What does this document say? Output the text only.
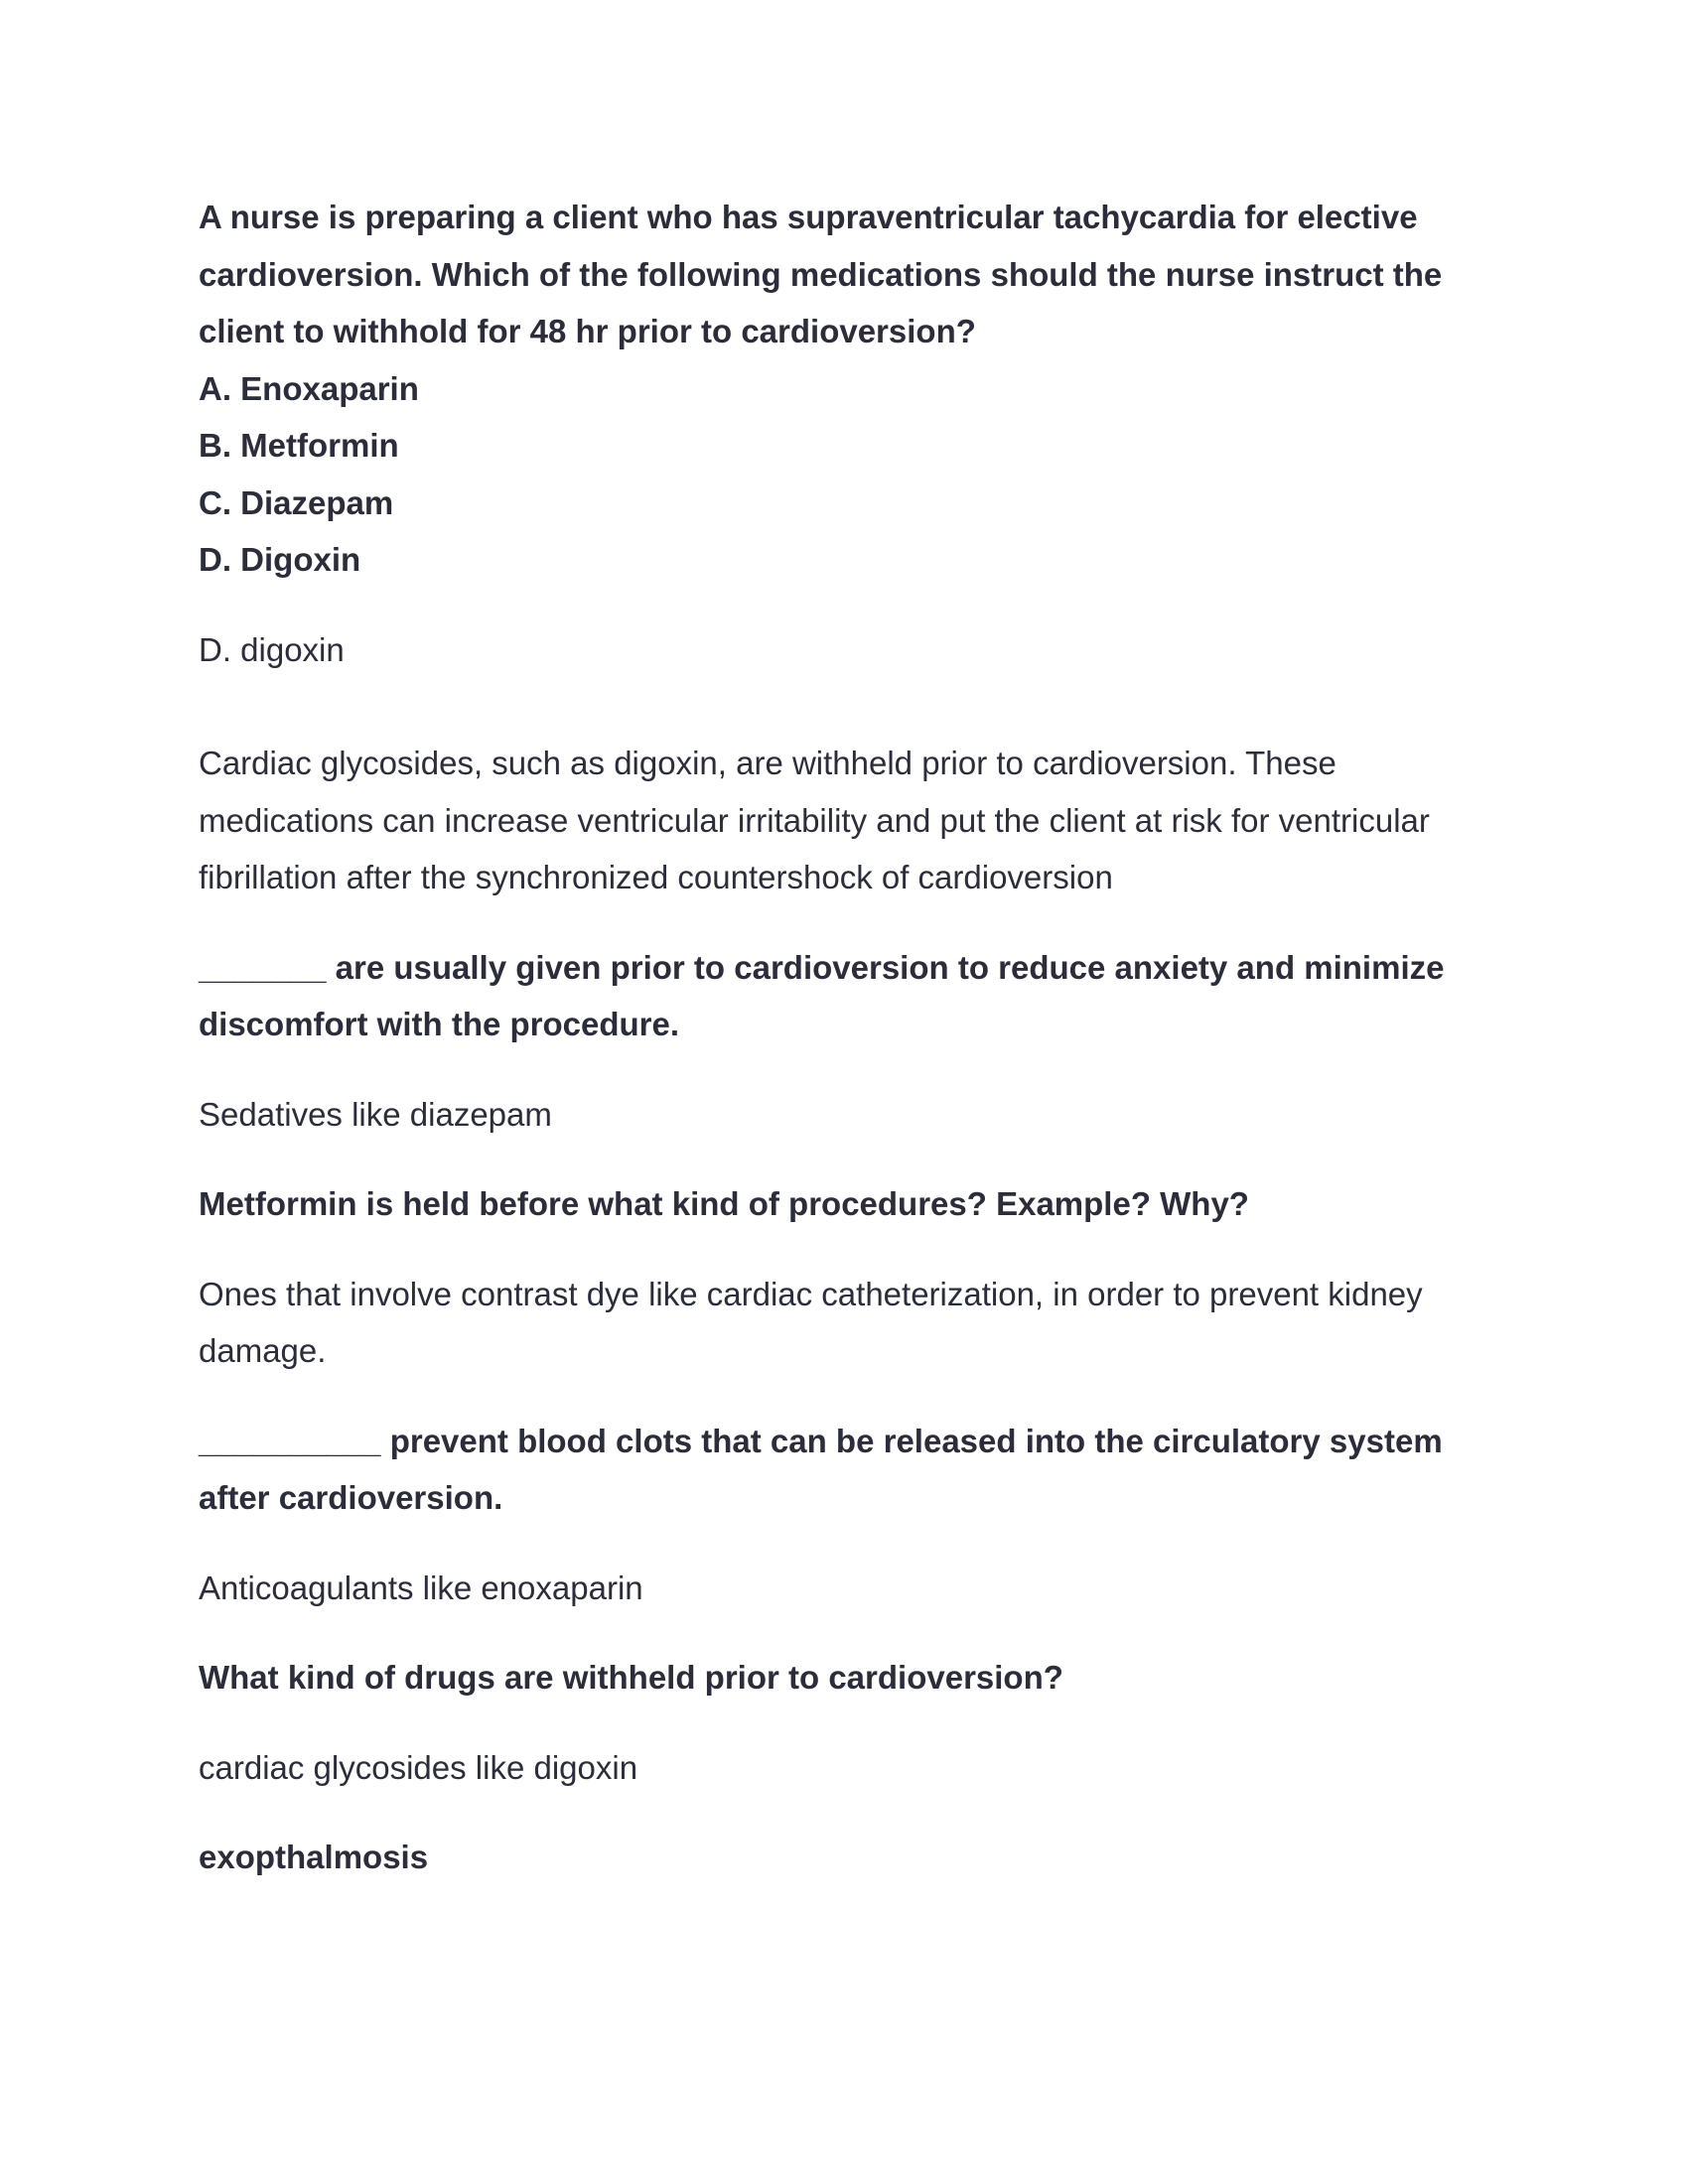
A nurse is preparing a client who has supraventricular tachycardia for elective

cardioversion. Which of the following medications should the nurse instruct the

client to withhold for 48 hr prior to cardioversion?

A. Enoxaparin

B. Metformin

C. Diazepam

D. Digoxin

D. digoxin

Cardiac glycosides, such as digoxin, are withheld prior to cardioversion. These

medications can increase ventricular irritability and put the client at risk for ventricular

fibrillation after the synchronized countershock of cardioversion

_______ are usually given prior to cardioversion to reduce anxiety and minimize

discomfort with the procedure.

Sedatives like diazepam

Metformin is held before what kind of procedures? Example? Why?

Ones that involve contrast dye like cardiac catheterization, in order to prevent kidney

damage.

__________ prevent blood clots that can be released into the circulatory system

after cardioversion.

Anticoagulants like enoxaparin

What kind of drugs are withheld prior to cardioversion?

cardiac glycosides like digoxin

exopthalmosis
